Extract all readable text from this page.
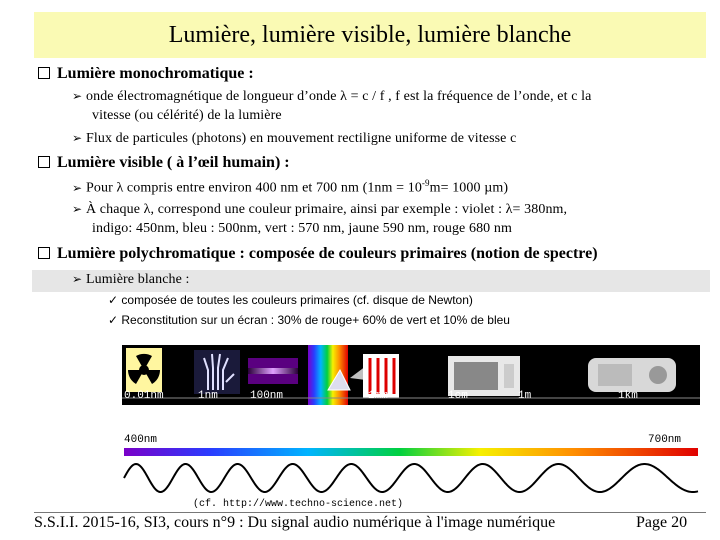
Lumière, lumière visible, lumière blanche
Lumière monochromatique :
➢ onde électromagnétique de longueur d’onde λ = c / f , f est la fréquence de l’onde, et c la
vitesse (ou célérité) de la lumière
➢ Flux de particules (photons) en mouvement rectiligne uniforme de vitesse c
Lumière visible ( à l’œil humain) :
➢ Pour λ compris entre environ 400 nm et 700 nm ($1nm = 10^{-9}m= 1000$ µm)
➢ À chaque λ, correspond une couleur primaire, ainsi par exemple : violet : λ= 380nm,
indigo: 450nm, bleu : 500nm, vert : 570 nm, jaune 590 nm, rouge 680 nm
Lumière polychromatique : composée de couleurs primaires (notion de spectre)
➢ Lumière blanche :
✓ composée de toutes les couleurs primaires (cf. disque de Newton)
✓ Reconstitution sur un écran : 30% de rouge+ 60% de vert et 10% de bleu
0.01nm	1nm	100nm	1mm	1cm	1m	1km
400nm	700nm
(cf. http://www.techno-science.net)
S.S.I.I. 2015-16, SI3, cours n°9 : Du signal audio numérique à l'image numérique	Page 20
